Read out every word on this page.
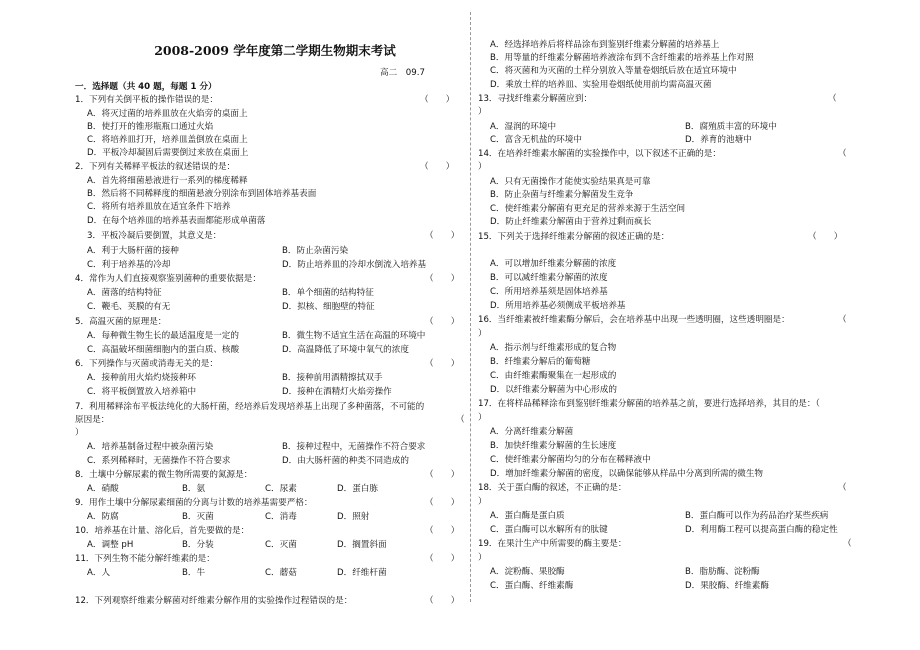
2008-2009 学年度第二学期生物期末考试
高二　09.7
一．选择题（共 40 题，每题 1 分）
1．下列有关倒平板的操作错误的是：	（　　）
A．将灭过菌的培养皿放在火焰旁的桌面上
B．使打开的锥形瓶瓶口通过火焰
C．将培养皿打开，培养皿盖倒放在桌面上
D．平板冷却凝固后需要倒过来放在桌面上
2．下列有关稀释平板法的叙述错误的是：	（　　）
A．首先将细菌悬液进行一系列的梯度稀释
B．然后将不同稀释度的细菌悬液分别涂布到固体培养基表面
C．将所有培养皿放在适宜条件下培养
D．在每个培养皿的培养基表面都能形成单菌落
3．平板冷凝后要倒置，其意义是：	（　　）
A．利于大肠杆菌的接种	B．防止杂菌污染
C．利于培养基的冷却	D．防止培养皿的冷却水倒流入培养基
4．常作为人们直接观察鉴别菌种的重要依据是：	（　　）
A．菌落的结构特征	B．单个细菌的结构特征
C．鞭毛、荚膜的有无	D．拟核、细胞壁的特征
5．高温灭菌的原理是：	（　　）
A．每种微生物生长的最适温度是一定的	B．微生物不适宜生活在高温的环境中
C．高温破坏细菌细胞内的蛋白质、核酸	D．高温降低了环境中氧气的浓度
6．下列操作与灭菌或消毒无关的是：	（　　）
A．接种前用火焰灼烧接种环	B．接种前用酒精擦拭双手
C．将平板倒置放入培养箱中	D．接种在酒精灯火焰旁操作
7．利用稀释涂布平板法纯化的大肠杆菌，经培养后发现培养基上出现了多种菌落，不可能的
原因是：	（
）
A．培养基制备过程中被杂菌污染	B．接种过程中，无菌操作不符合要求
C．系列稀释时，无菌操作不符合要求	D．由大肠杆菌的种类不同造成的
8．土壤中分解尿素的微生物所需要的氮源是：	（　　）
A．硝酸	B．氨	C．尿素	D．蛋白胨
9．用作土壤中分解尿素细菌的分离与计数的培养基需要严格：	（　　）
A．防腐	B．灭菌	C．消毒	D．照射
10．培养基在计量、溶化后，首先要做的是：	（　　）
A．调整 pH	B．分装	C．灭菌	D．搁置斜面
11．下列生物不能分解纤维素的是：	（　　）
A．人	B．牛	C．蘑菇	D．纤维杆菌
12．下列观察纤维素分解菌对纤维素分解作用的实验操作过程错误的是：	（　　）
A．经选择培养后将样品涂布到鉴别纤维素分解菌的培养基上
B．用等量的纤维素分解菌培养液涂布到不含纤维素的培养基上作对照
C．将灭菌和为灭菌的土样分别放入等量卷烟纸后放在适宜环境中
D．乘放土样的培养皿、实验用卷烟纸使用前均需高温灭菌
13．寻找纤维素分解菌应到：	（　　
）
A．湿润的环境中	B．腐殖质丰富的环境中
C．富含无机盐的环境中	D．养育的池塘中
14．在培养纤维素水解菌的实验操作中，以下叙述不正确的是：	（
）
A．只有无菌操作才能使实验结果真是可靠
B．防止杂菌与纤维素分解菌发生竞争
C．使纤维素分解菌有更充足的营养来源于生活空间
D．防止纤维素分解菌由于营养过剩而疯长
15．下列关于选择纤维素分解菌的叙述正确的是：	（　　）
A．可以增加纤维素分解菌的浓度
B．可以减纤维素分解菌的浓度
C．所用培养基须是固体培养基
D．所用培养基必须侧成平板培养基
16．当纤维素被纤维素酶分解后，会在培养基中出现一些透明圈，这些透明圈是：	（
）
A．指示剂与纤维素形成的复合物
B．纤维素分解后的葡萄糖
C．由纤维素酶聚集在一起形成的
D．以纤维素分解菌为中心形成的
17．在将样品稀释涂布到鉴别纤维素分解菌的培养基之前，要进行选择培养，其目的是：（
）
A．分离纤维素分解菌
B．加快纤维素分解菌的生长速度
C．使纤维素分解菌均匀的分布在稀释液中
D．增加纤维素分解菌的密度，以确保能够从样品中分离到所需的微生物
18．关于蛋白酶的叙述，不正确的是：	（
）
A．蛋白酶是蛋白质	B．蛋白酶可以作为药品治疗某些疾病
C．蛋白酶可以水解所有的肽键	D．利用酶工程可以提高蛋白酶的稳定性
19．在果汁生产中所需要的酶主要是：	（
）
A．淀粉酶、果胶酶	B．脂肪酶、淀粉酶
C．蛋白酶、纤维素酶	D．果胶酶、纤维素酶
